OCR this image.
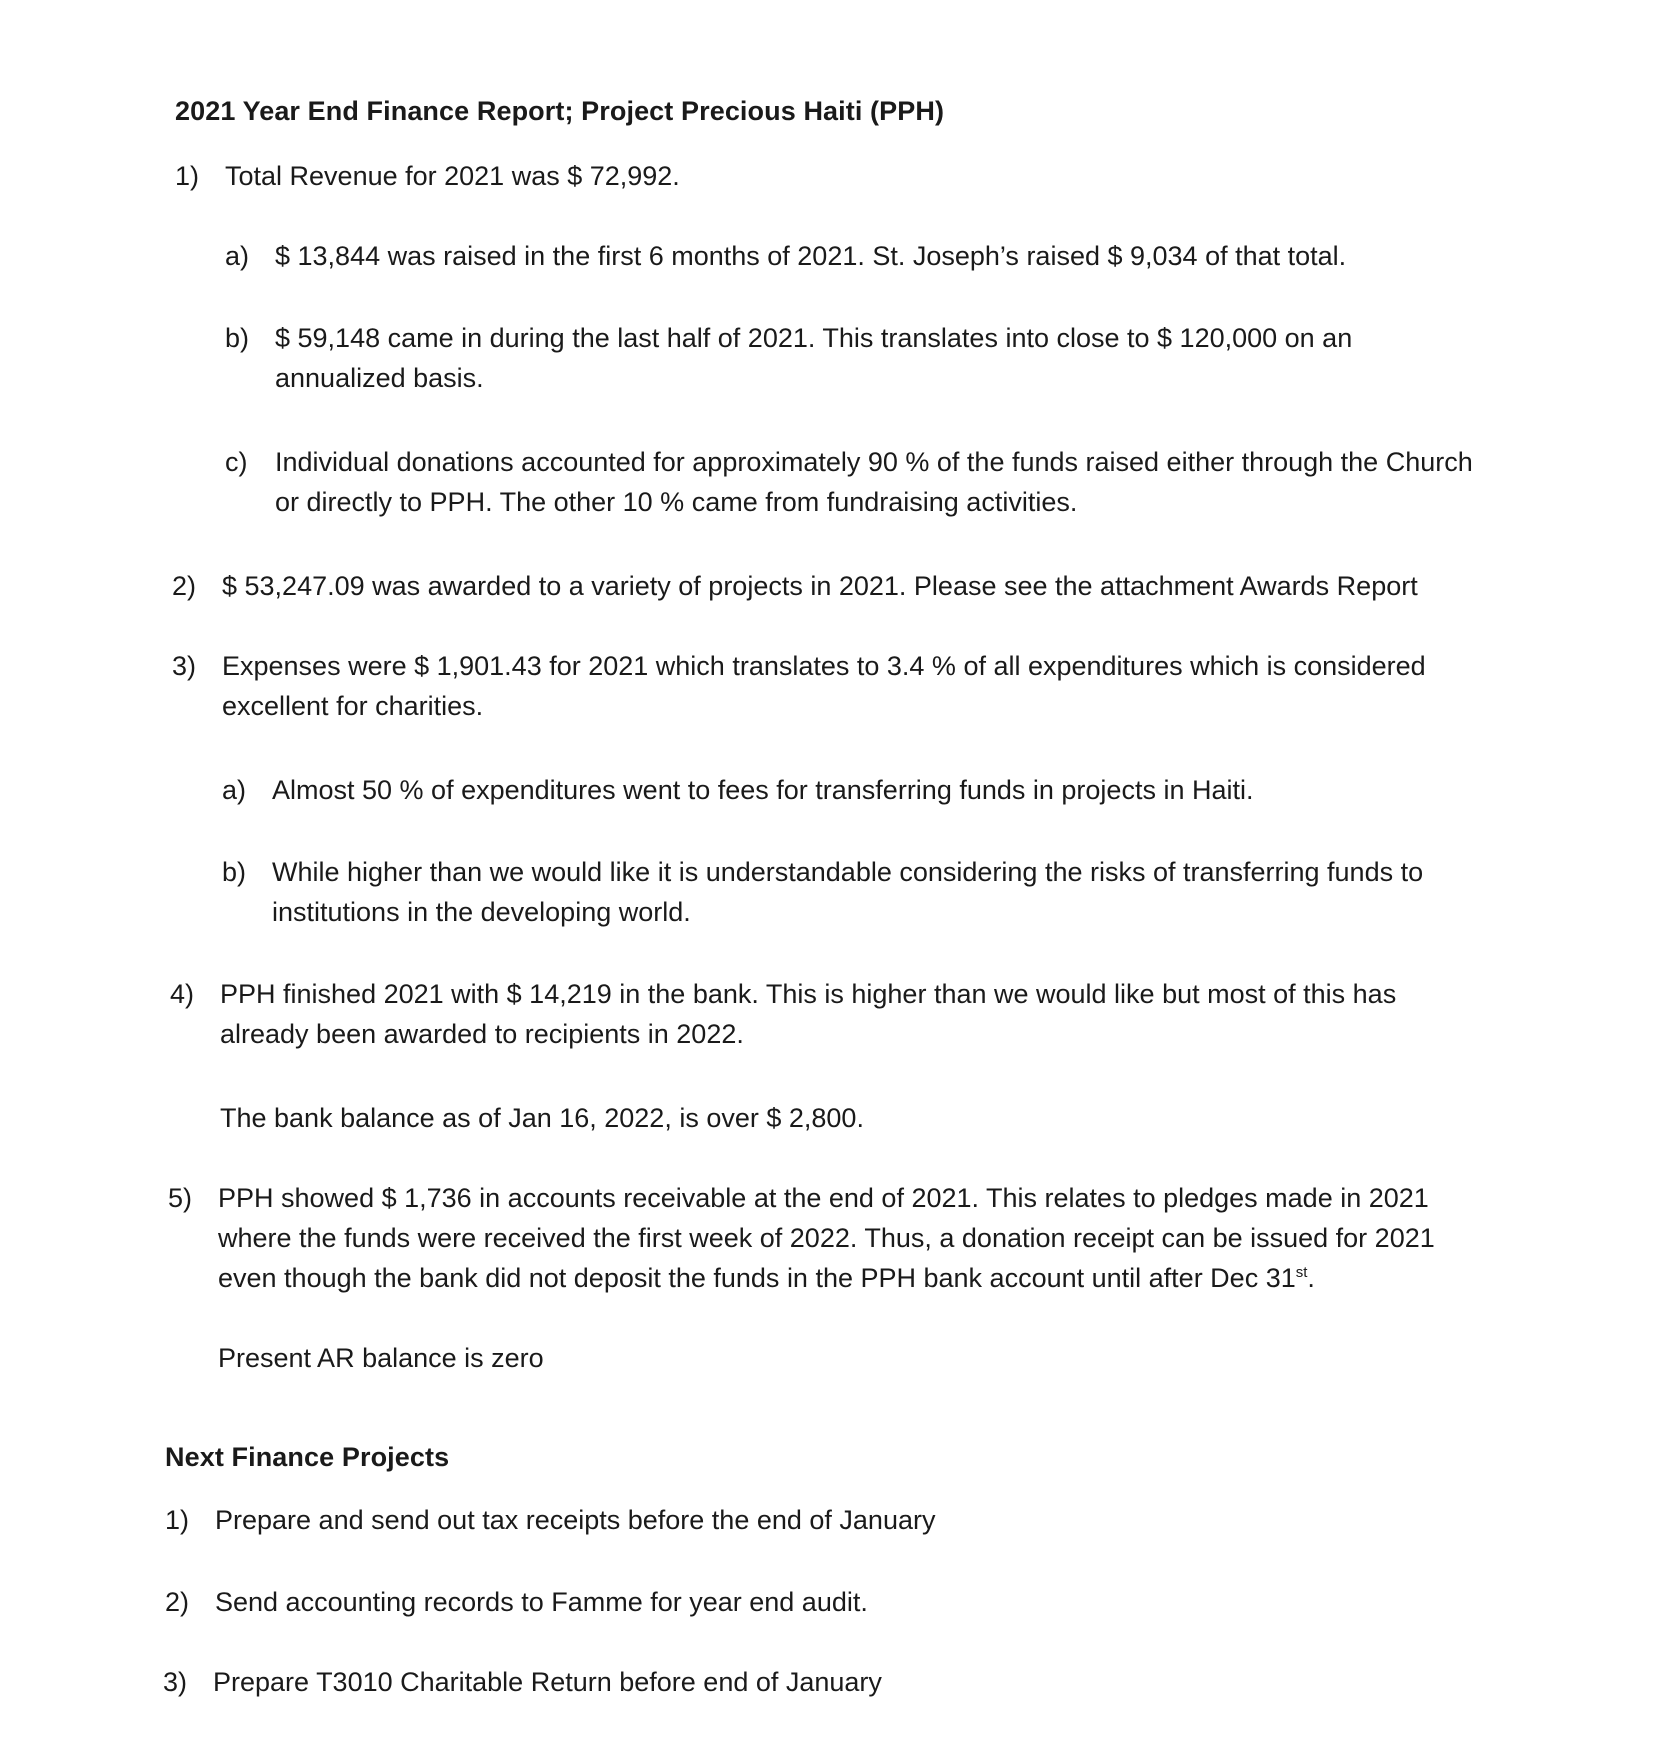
2021 Year End Finance Report; Project Precious Haiti (PPH)
1) Total Revenue for 2021 was $ 72,992.
a) $ 13,844 was raised in the first 6 months of 2021. St. Joseph’s raised $ 9,034 of that total.
b) $ 59,148 came in during the last half of 2021. This translates into close to $ 120,000 on an annualized basis.
c)	Individual donations accounted for approximately 90 % of the funds raised either through the Church or directly to PPH. The other 10 % came from fundraising activities.
2) $ 53,247.09 was awarded to a variety of projects in 2021. Please see the attachment Awards Report
3) Expenses were $ 1,901.43 for 2021 which translates to 3.4 % of all expenditures which is considered excellent for charities.
a) Almost 50 % of expenditures went to fees for transferring funds in projects in Haiti.
b) While higher than we would like it is understandable considering the risks of transferring funds to institutions in the developing world.
4) PPH finished 2021 with $ 14,219 in the bank. This is higher than we would like but most of this has already been awarded to recipients in 2022.
The bank balance as of Jan 16, 2022, is over $ 2,800.
5) PPH showed $ 1,736 in accounts receivable at the end of 2021. This relates to pledges made in 2021 where the funds were received the first week of 2022. Thus, a donation receipt can be issued for 2021 even though the bank did not deposit the funds in the PPH bank account until after Dec 31st.
Present AR balance is zero
Next Finance Projects
1) Prepare and send out tax receipts before the end of January
2) Send accounting records to Famme for year end audit.
3) Prepare T3010 Charitable Return before end of January
